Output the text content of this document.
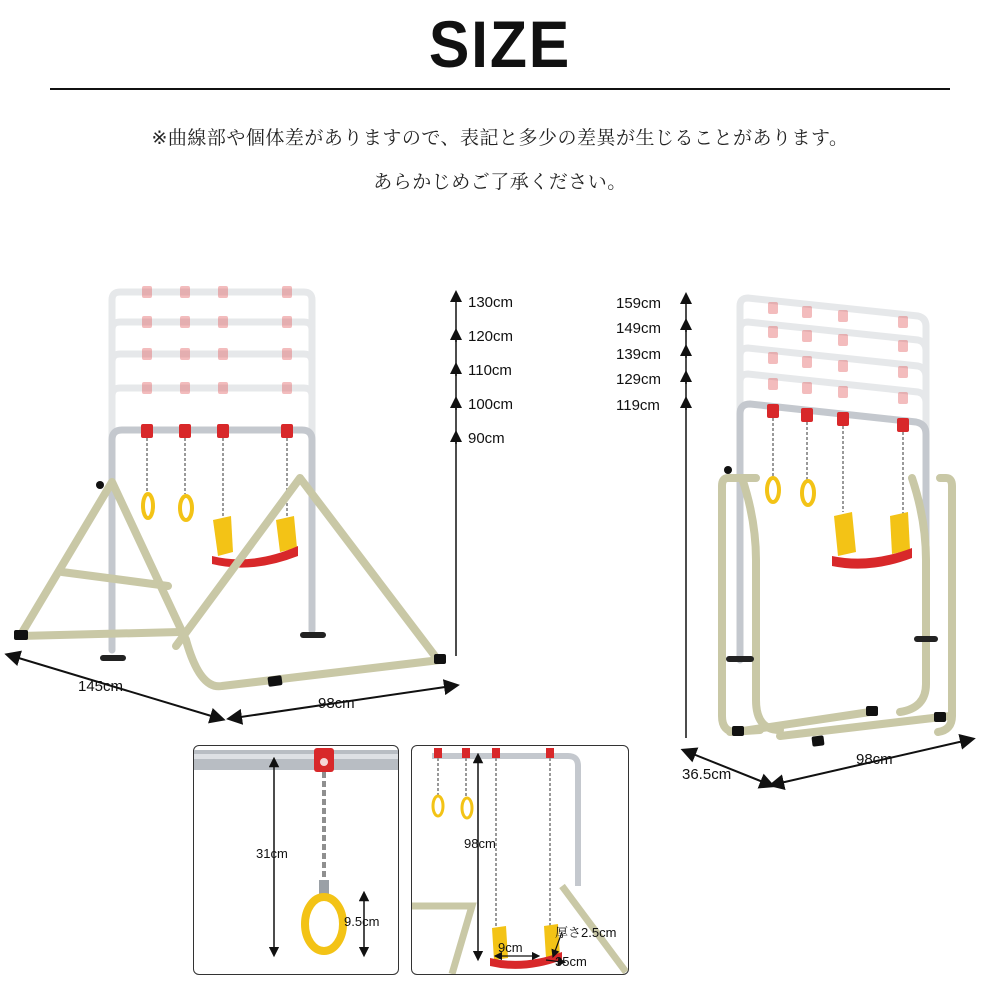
SIZE
※曲線部や個体差がありますので、表記と多少の差異が生じることがあります。
あらかじめご了承ください。
130cm
120cm
110cm
100cm
90cm
145cm
98cm
159cm
149cm
139cm
129cm
119cm
36.5cm
98cm
31cm
9.5cm
98cm
厚さ2.5cm
9cm
35cm
